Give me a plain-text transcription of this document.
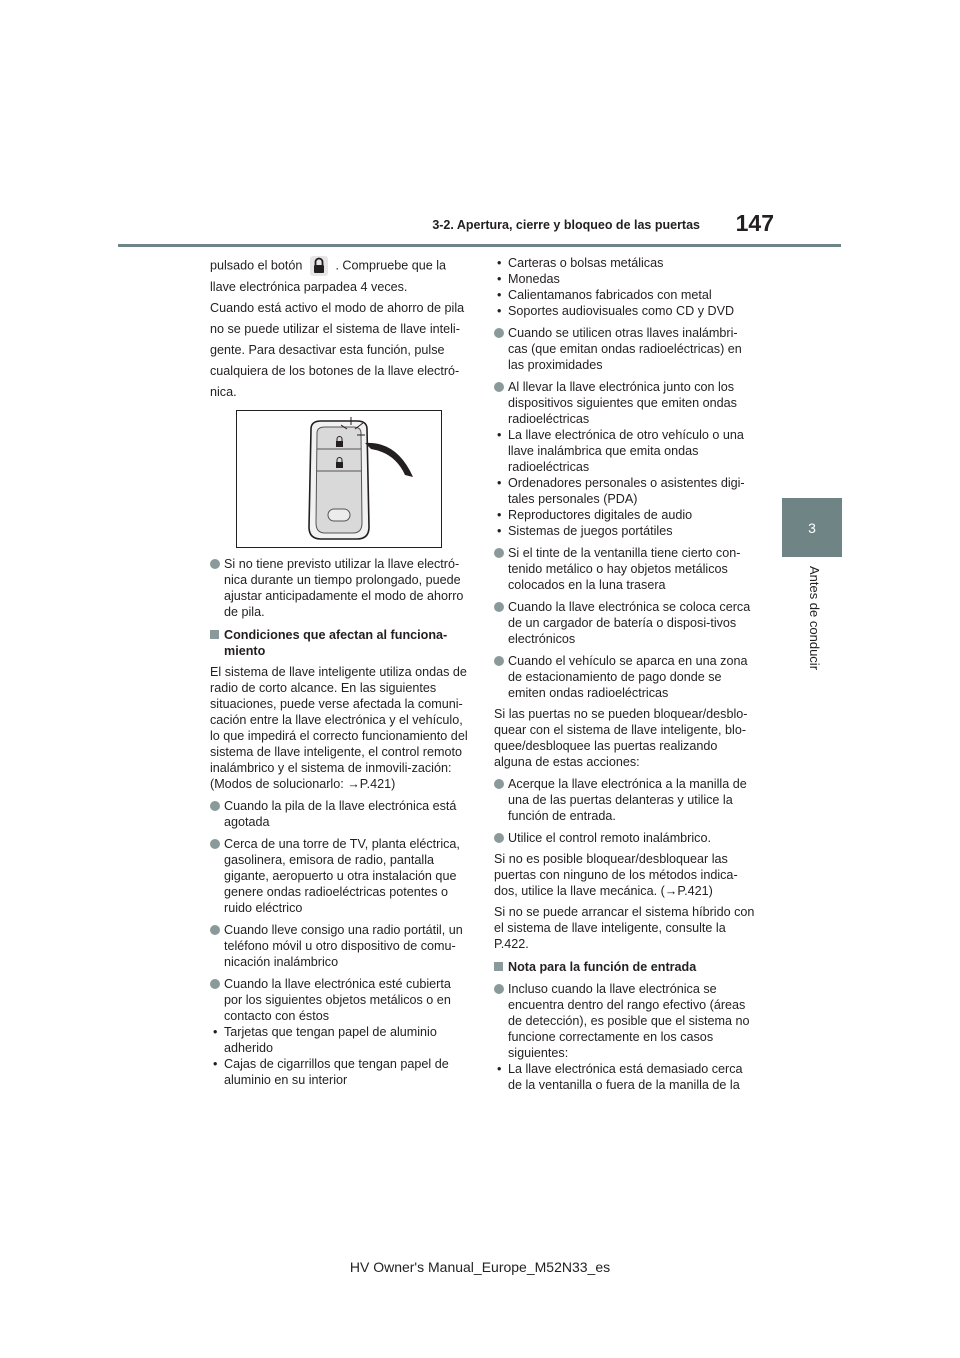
3-2. Apertura, cierre y bloqueo de las puertas	147
3
Antes de conducir

pulsado el botón	. Compruebe que la

llave electrónica parpadea 4 veces.

Cuando está activo el modo de ahorro de pila

no se puede utilizar el sistema de llave inteli-

gente. Para desactivar esta función, pulse

cualquiera de los botones de la llave electró-

nica.

Si no tiene previsto utilizar la llave electró-nica durante un tiempo prolongado, puede ajustar anticipadamente el modo de ahorro de pila.
Condiciones que afectan al funciona-miento

El sistema de llave inteligente utiliza ondas de radio de corto alcance. En las siguientes situaciones, puede verse afectada la comuni-cación entre la llave electrónica y el vehículo, lo que impedirá el correcto funcionamiento del sistema de llave inteligente, el control remoto inalámbrico y el sistema de inmovili-zación: (Modos de solucionarlo: →P.421)

Cuando la pila de la llave electrónica está agotada
Cerca de una torre de TV, planta eléctrica, gasolinera, emisora de radio, pantalla gigante, aeropuerto u otra instalación que genere ondas radioeléctricas potentes o ruido eléctrico
Cuando lleve consigo una radio portátil, un teléfono móvil u otro dispositivo de comu-nicación inalámbrico
Cuando la llave electrónica esté cubierta por los siguientes objetos metálicos o en contacto con éstos
• Tarjetas que tengan papel de aluminio adherido
• Cajas de cigarrillos que tengan papel de aluminio en su interior
• Carteras o bolsas metálicas
• Monedas
• Calientamanos fabricados con metal
• Soportes audiovisuales como CD y DVD
Cuando se utilicen otras llaves inalámbri-cas (que emitan ondas radioeléctricas) en las proximidades
Al llevar la llave electrónica junto con los dispositivos siguientes que emiten ondas radioeléctricas
• La llave electrónica de otro vehículo o una llave inalámbrica que emita ondas radioeléctricas
• Ordenadores personales o asistentes digi-tales personales (PDA)
• Reproductores digitales de audio
• Sistemas de juegos portátiles
Si el tinte de la ventanilla tiene cierto con-tenido metálico o hay objetos metálicos colocados en la luna trasera
Cuando la llave electrónica se coloca cerca de un cargador de batería o disposi-tivos electrónicos
Cuando el vehículo se aparca en una zona de estacionamiento de pago donde se emiten ondas radioeléctricas

Si las puertas no se pueden bloquear/desblo-quear con el sistema de llave inteligente, blo-quee/desbloquee las puertas realizando alguna de estas acciones:

Acerque la llave electrónica a la manilla de una de las puertas delanteras y utilice la función de entrada.
Utilice el control remoto inalámbrico.

Si no es posible bloquear/desbloquear las puertas con ninguno de los métodos indica-dos, utilice la llave mecánica. (→P.421)

Si no se puede arrancar el sistema híbrido con el sistema de llave inteligente, consulte la P.422.

Nota para la función de entrada
Incluso cuando la llave electrónica se encuentra dentro del rango efectivo (áreas de detección), es posible que el sistema no funcione correctamente en los casos siguientes:
• La llave electrónica está demasiado cerca de la ventanilla o fuera de la manilla de la
HV Owner's Manual_Europe_M52N33_es
